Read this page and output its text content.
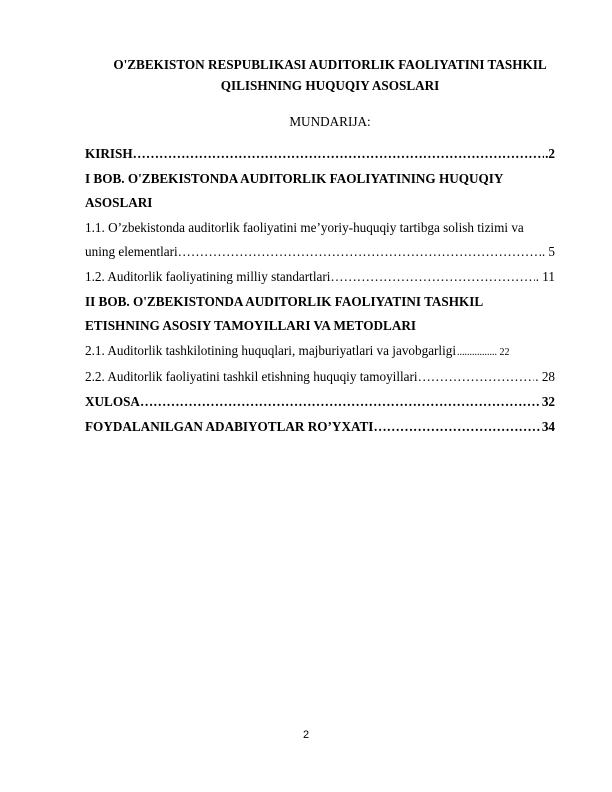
O'ZBEKISTON RESPUBLIKASI AUDITORLIK FAOLIYATINI TASHKIL
QILISHNING HUQUQIY ASOSLARI
MUNDARIJA:
KIRISH …………………………………………………………………………………………………………………………………………………………………………	.2
I BOB. O'ZBEKISTONDA AUDITORLIK FAOLIYATINING HUQUQIY
ASOSLARI
1.1. O’zbekistonda auditorlik faoliyatini me’yoriy-huquqiy tartibga solish tizimi va
uning elementlari …………………………………………………………………………………………………………………………………………………………………………	. 5
1.2. Auditorlik faoliyatining milliy standartlari …………………………………………………………………………………………………………………………………………………………………………	. 11
II BOB. O'ZBEKISTONDA AUDITORLIK FAOLIYATINI TASHKIL
ETISHNING ASOSIY TAMOYILLARI VA METODLARI
2.1. Auditorlik tashkilotining huquqlari, majburiyatlari va javobgarligi ................ 22
2.2. Auditorlik faoliyatini tashkil etishning huquqiy tamoyillari …………………………………………………………………………………………………………………………………………………………………………	. 28
XULOSA …………………………………………………………………………………………………………………………………………………………………………	32
FOYDALANILGAN ADABIYOTLAR RO’YXATI …………………………………………………………………………………………………………………………………………………………………………	34
2
